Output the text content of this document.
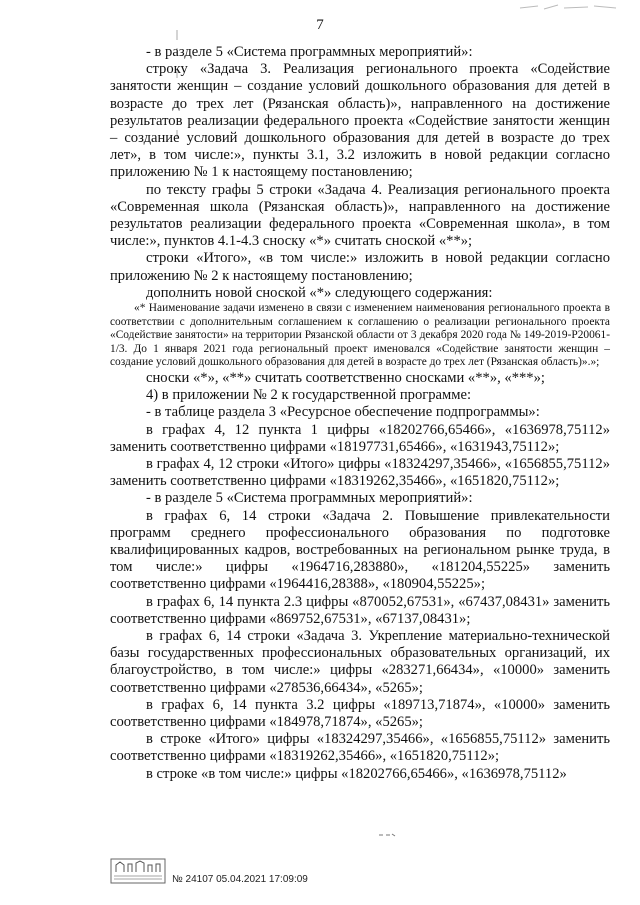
7

- в разделе 5 «Система программных мероприятий»:

строку «Задача 3. Реализация регионального проекта «Содействие занятости женщин – создание условий дошкольного образования для детей в возрасте до трех лет (Рязанская область)», направленного на достижение результатов реализации федерального проекта «Содействие занятости женщин – создание условий дошкольного образования для детей в возрасте до трех лет», в том числе:», пункты 3.1, 3.2 изложить в новой редакции согласно приложению № 1 к настоящему постановлению;

по тексту графы 5 строки «Задача 4. Реализация регионального проекта «Современная школа (Рязанская область)», направленного на достижение результатов реализации федерального проекта «Современная школа», в том числе:», пунктов 4.1-4.3 сноску «*» считать сноской «**»;

строки «Итого», «в том числе:» изложить в новой редакции согласно приложению № 2 к настоящему постановлению;

дополнить новой сноской «*» следующего содержания:

«* Наименование задачи изменено в связи с изменением наименования регионального проекта в соответствии с дополнительным соглашением к соглашению о реализации регионального проекта «Содействие занятости» на территории Рязанской области от 3 декабря 2020 года № 149-2019-Р20061-1/3. До 1 января 2021 года региональный проект именовался «Содействие занятости женщин – создание условий дошкольного образования для детей в возрасте до трех лет (Рязанская область)».»;

сноски «*», «**» считать соответственно сносками «**», «***»;

4) в приложении № 2 к государственной программе:

- в таблице раздела 3 «Ресурсное обеспечение подпрограммы»:

в графах 4, 12 пункта 1 цифры «18202766,65466», «1636978,75112» заменить соответственно цифрами «18197731,65466», «1631943,75112»;

в графах 4, 12 строки «Итого» цифры «18324297,35466», «1656855,75112» заменить соответственно цифрами «18319262,35466», «1651820,75112»;

- в разделе 5 «Система программных мероприятий»:

в графах 6, 14 строки «Задача 2. Повышение привлекательности программ среднего профессионального образования по подготовке квалифицированных кадров, востребованных на региональном рынке труда, в том числе:» цифры «1964716,283880», «181204,55225» заменить соответственно цифрами «1964416,28388», «180904,55225»;

в графах 6, 14 пункта 2.3 цифры «870052,67531», «67437,08431» заменить соответственно цифрами «869752,67531», «67137,08431»;

в графах 6, 14 строки «Задача 3. Укрепление материально-технической базы государственных профессиональных образовательных организаций, их благоустройство, в том числе:» цифры «283271,66434», «10000» заменить соответственно цифрами «278536,66434», «5265»;

в графах 6, 14 пункта 3.2 цифры «189713,71874», «10000» заменить соответственно цифрами «184978,71874», «5265»;

в строке «Итого» цифры «18324297,35466», «1656855,75112» заменить соответственно цифрами «18319262,35466», «1651820,75112»;

в строке «в том числе:» цифры «18202766,65466», «1636978,75112»

№ 24107 05.04.2021 17:09:09
